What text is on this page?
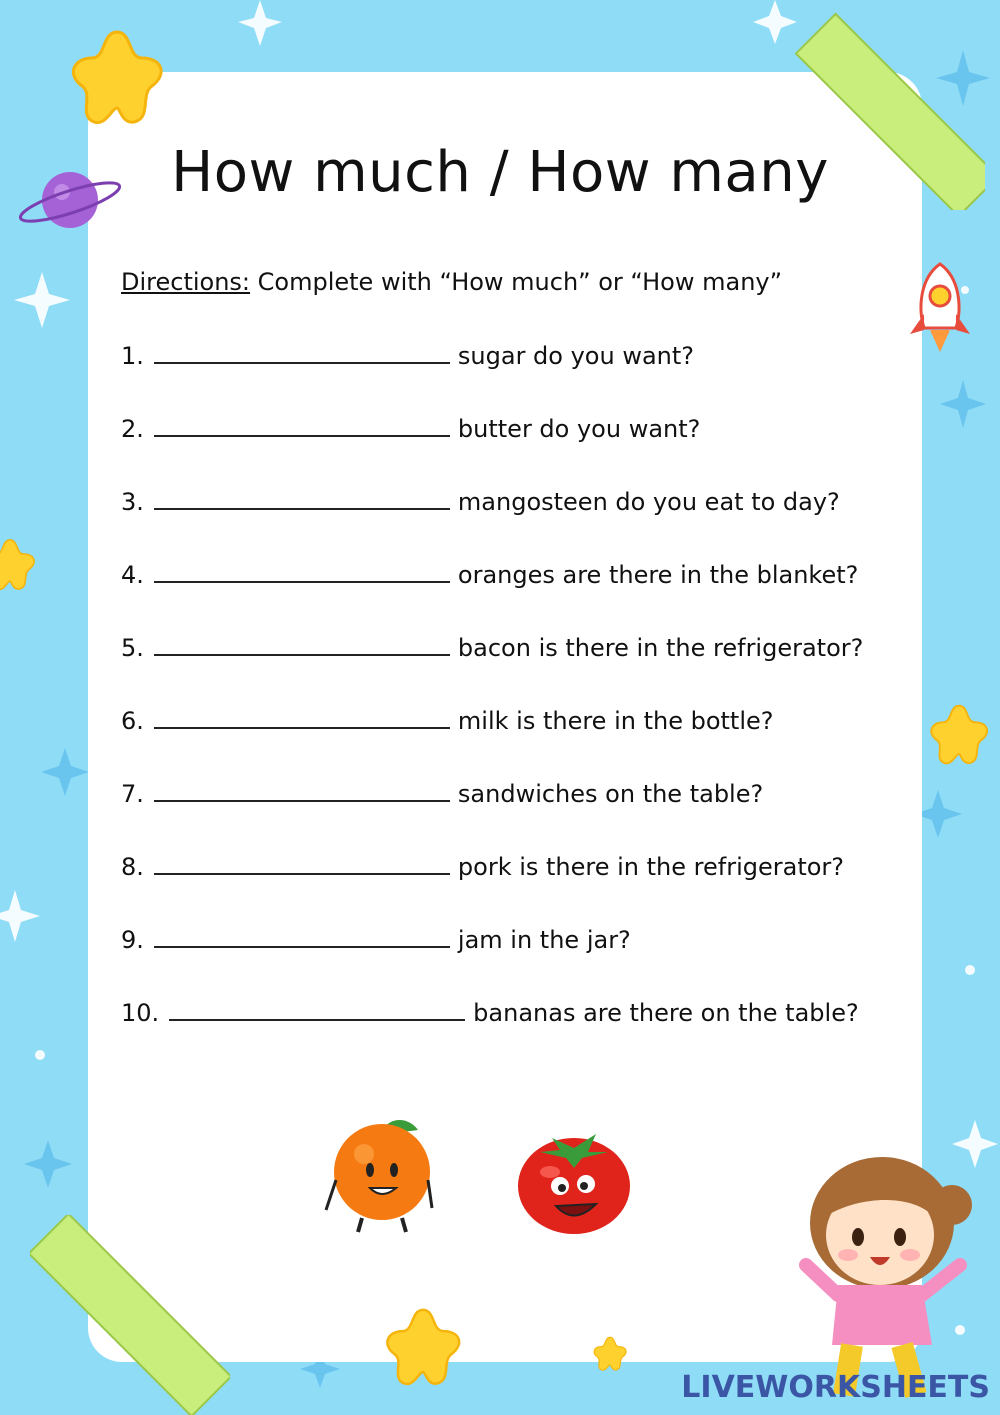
How much / How many
Directions: Complete with “How much” or “How many”
1.	sugar do you want?
2.	butter do you want?
3.	mangosteen do you eat to day?
4.	oranges are there in the blanket?
5.	bacon is there in the refrigerator?
6.	milk is there in the bottle?
7.	sandwiches on the table?
8.	pork is there in the refrigerator?
9.	jam in the jar?
10.	bananas are there on the table?
LIVEWORKSHEETS
